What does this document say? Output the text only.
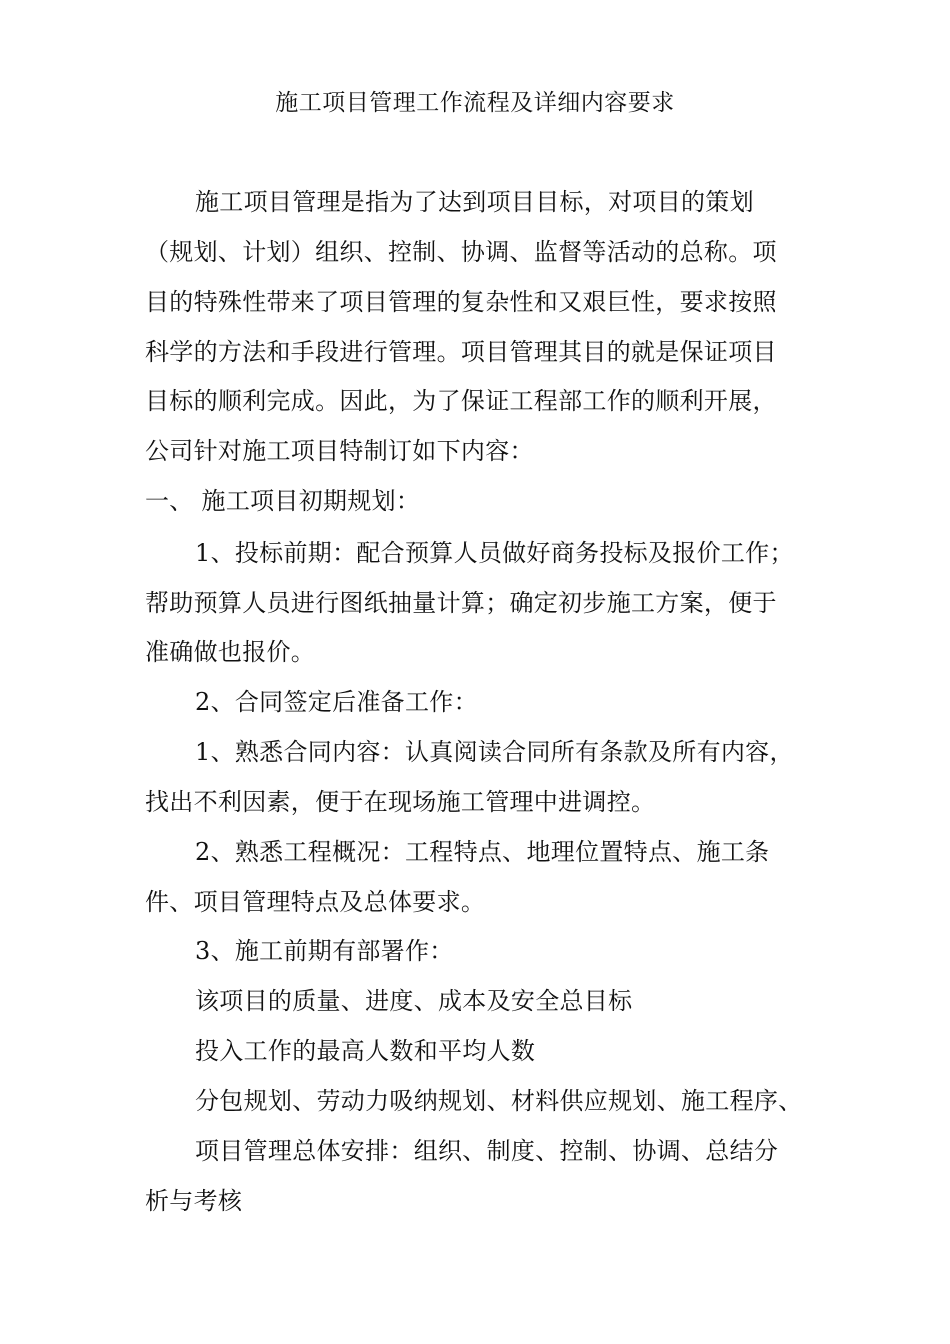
施工项目管理工作流程及详细内容要求
施工项目管理是指为了达到项目目标，对项目的策划
（规划、计划）组织、控制、协调、监督等活动的总称。项
目的特殊性带来了项目管理的复杂性和又艰巨性，要求按照
科学的方法和手段进行管理。项目管理其目的就是保证项目
目标的顺利完成。因此，为了保证工程部工作的顺利开展，
公司针对施工项目特制订如下内容：
一、 施工项目初期规划：
1、投标前期：配合预算人员做好商务投标及报价工作；
帮助预算人员进行图纸抽量计算；确定初步施工方案，便于
准确做也报价。
2、合同签定后准备工作：
1、熟悉合同内容：认真阅读合同所有条款及所有内容，
找出不利因素，便于在现场施工管理中进调控。
2、熟悉工程概况：工程特点、地理位置特点、施工条
件、项目管理特点及总体要求。
3、施工前期有部署作：
该项目的质量、进度、成本及安全总目标
投入工作的最高人数和平均人数
分包规划、劳动力吸纳规划、材料供应规划、施工程序、
项目管理总体安排：组织、制度、控制、协调、总结分
析与考核
